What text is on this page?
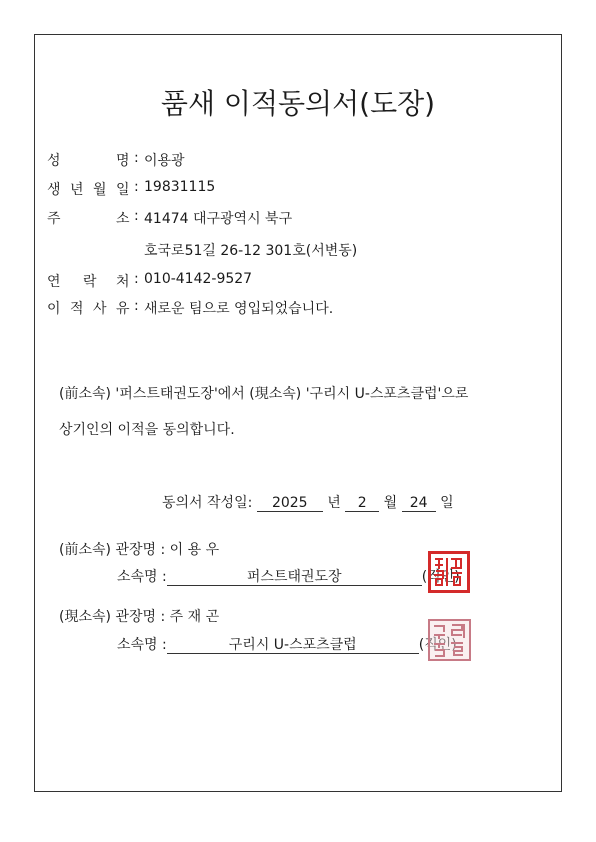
품새 이적동의서(도장)
성	명 : 이용광
생 년 월 일 : 19831115
주	소 : 41474 대구광역시 북구
호국로51길 26-12 301호(서변동)
연 락 처 : 010-4142-9527
이 적 사 유 : 새로운 팀으로 영입되었습니다.
(前소속) '퍼스트태권도장'에서 (現소속) '구리시 U-스포츠클럽'으로
상기인의 이적을 동의합니다.
동의서 작성일: 2025 년 2 월 24 일
(前소속) 관장명 : 이 용 우
소속명 :	퍼스트태권도장	(직인)
(現소속) 관장명 : 주 재 곤
소속명 :	구리시 U-스포츠클럽	(직인)
